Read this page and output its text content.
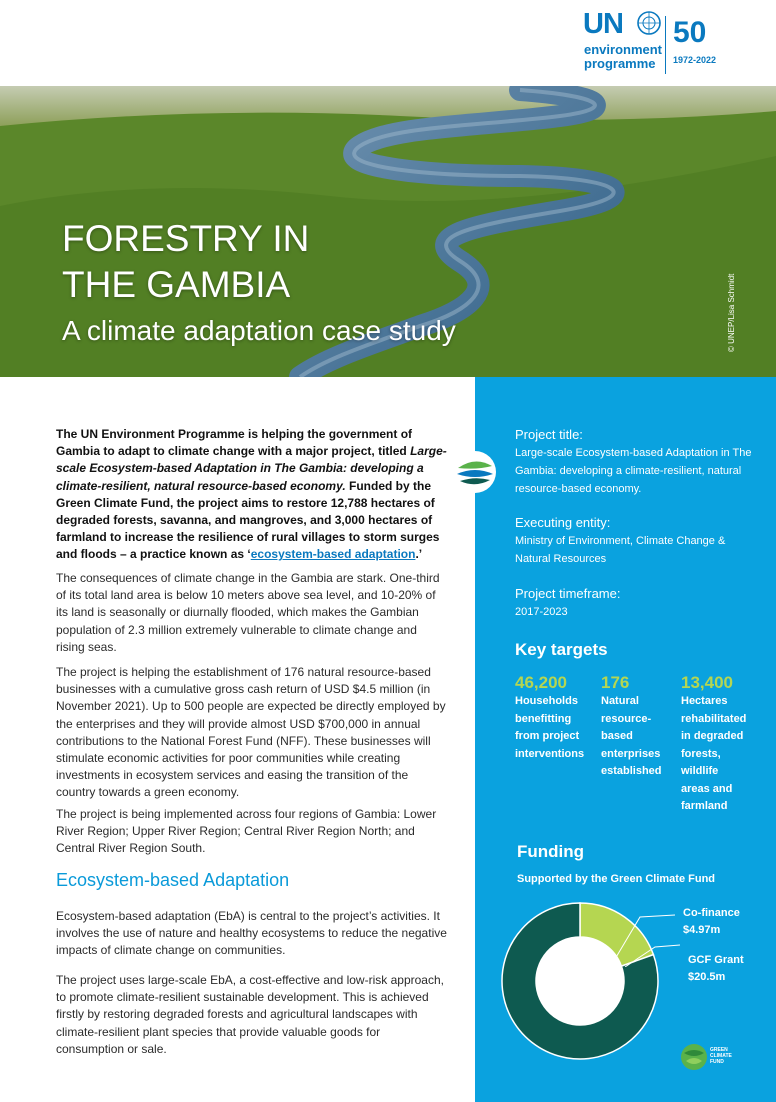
UN
environment
programme
50
1972-2022
FORESTRY IN
THE GAMBIA
A climate adaptation case study	© UNEP/Lisa Schmidt

The UN Environment Programme is helping the government of Gambia to adapt to climate change with a major project, titled Large-scale Ecosystem-based Adaptation in The Gambia: developing a climate-resilient, natural resource-based economy. Funded by the Green Climate Fund, the project aims to restore 12,788 hectares of degraded forests, savanna, and mangroves, and 3,000 hectares of farmland to increase the resilience of rural villages to storm surges and floods – a practice known as ‘ecosystem-based adaptation.’

The consequences of climate change in the Gambia are stark. One-third of its total land area is below 10 meters above sea level, and 10-20% of its land is seasonally or diurnally flooded, which makes the Gambian population of 2.3 million extremely vulnerable to climate change and rising seas.

The project is helping the establishment of 176 natural resource-based businesses with a cumulative gross cash return of USD $4.5 million (in November 2021). Up to 500 people are expected be directly employed by the enterprises and they will provide almost USD $700,000 in annual contributions to the National Forest Fund (NFF). These businesses will stimulate economic activities for poor communities while creating investments in ecosystem services and easing the transition of the country towards a green economy.

The project is being implemented across four regions of Gambia: Lower River Region; Upper River Region; Central River Region North; and Central River Region South.

Ecosystem-based Adaptation

Ecosystem-based adaptation (EbA) is central to the project’s activities. It involves the use of nature and healthy ecosystems to reduce the negative impacts of climate change on communities.

The project uses large-scale EbA, a cost-effective and low-risk approach, to promote climate-resilient sustainable development. This is achieved firstly by restoring degraded forests and agricultural landscapes with climate-resilient plant species that provide valuable goods for consumption or sale.

Project title:
Large-scale Ecosystem-based Adaptation in The Gambia: developing a climate-resilient, natural resource-based economy.
Executing entity:
Ministry of Environment, Climate Change & Natural Resources
Project timeframe:
2017-2023
Key targets
46,200
Households
benefitting
from project
interventions
176
Natural
resource-
based
enterprises
established
13,400
Hectares
rehabilitated
in degraded
forests,
wildlife
areas and
farmland
Funding
Supported by the Green Climate Fund
Co-finance
$4.97m
GCF Grant
$20.5m
GREEN
CLIMATE
FUND
